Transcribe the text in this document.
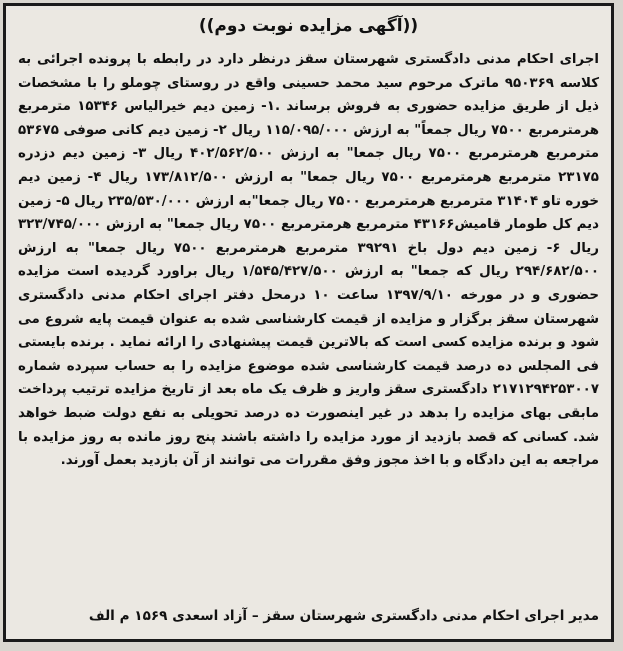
((آگهی مزایده نوبت دوم))

اجرای احکام مدنی دادگستری شهرستان سقز درنظر دارد در رابطه با پرونده اجرائی به کلاسه ۹۵۰۳۶۹ ماترک مرحوم سید محمد حسینی واقع در روستای چوملو را با مشخصات ذیل از طریق مزایده حضوری به فروش برساند .۱- زمین دیم خیرالیاس ۱۵۳۴۶ مترمربع هرمترمربع ۷۵۰۰ ریال جمعاً" به ارزش ۱۱۵/۰۹۵/۰۰۰ ریال ۲- زمین دیم کانی صوفی ۵۳۶۷۵ مترمربع هرمترمربع ۷۵۰۰ ریال جمعا" به ارزش ۴۰۲/۵۶۲/۵۰۰ ریال ۳- زمین دیم دزدره ۲۳۱۷۵ مترمربع هرمترمربع ۷۵۰۰ ریال جمعا" به ارزش ۱۷۳/۸۱۲/۵۰۰ ریال ۴- زمین دیم خوره تاو ۳۱۴۰۴ مترمربع هرمترمربع ۷۵۰۰ ریال جمعا"به ارزش ۲۳۵/۵۳۰/۰۰۰ ریال ۵- زمین دیم کل طومار قامیش۴۳۱۶۶ مترمربع هرمترمربع ۷۵۰۰ ریال جمعا" به ارزش ۳۲۳/۷۴۵/۰۰۰ ریال ۶- زمین دیم دول باخ ۳۹۲۹۱ مترمربع هرمترمربع ۷۵۰۰ ریال جمعا" به ارزش ۲۹۴/۶۸۲/۵۰۰ ریال که جمعا" به ارزش ۱/۵۴۵/۴۲۷/۵۰۰ ریال براورد گردیده است مزایده حضوری و در مورخه ۱۳۹۷/۹/۱۰ ساعت ۱۰ درمحل دفتر اجرای احکام مدنی دادگستری شهرستان سقز برگزار و مزایده از قیمت کارشناسی شده به عنوان قیمت پایه شروع می شود و برنده مزایده کسی است که بالاترین قیمت پیشنهادی را ارائه نماید . برنده بایستی فی المجلس ده درصد قیمت کارشناسی شده موضوع مزایده را به حساب سپرده شماره ۲۱۷۱۲۹۴۲۵۳۰۰۷ دادگستری سقز واریز و ظرف یک ماه بعد از تاریخ مزایده ترتیب پرداخت مابقی بهای مزایده را بدهد در غیر اینصورت ده درصد تحویلی به نفع دولت ضبط خواهد شد. کسانی که قصد بازدید از مورد مزایده را داشته باشند پنج روز مانده به روز مزایده با مراجعه به این دادگاه و با اخذ مجوز وفق مقررات می توانند از آن بازدید بعمل آورند.

مدیر اجرای احکام مدنی دادگستری شهرستان سقز – آزاد اسعدی ۱۵۶۹ م الف
